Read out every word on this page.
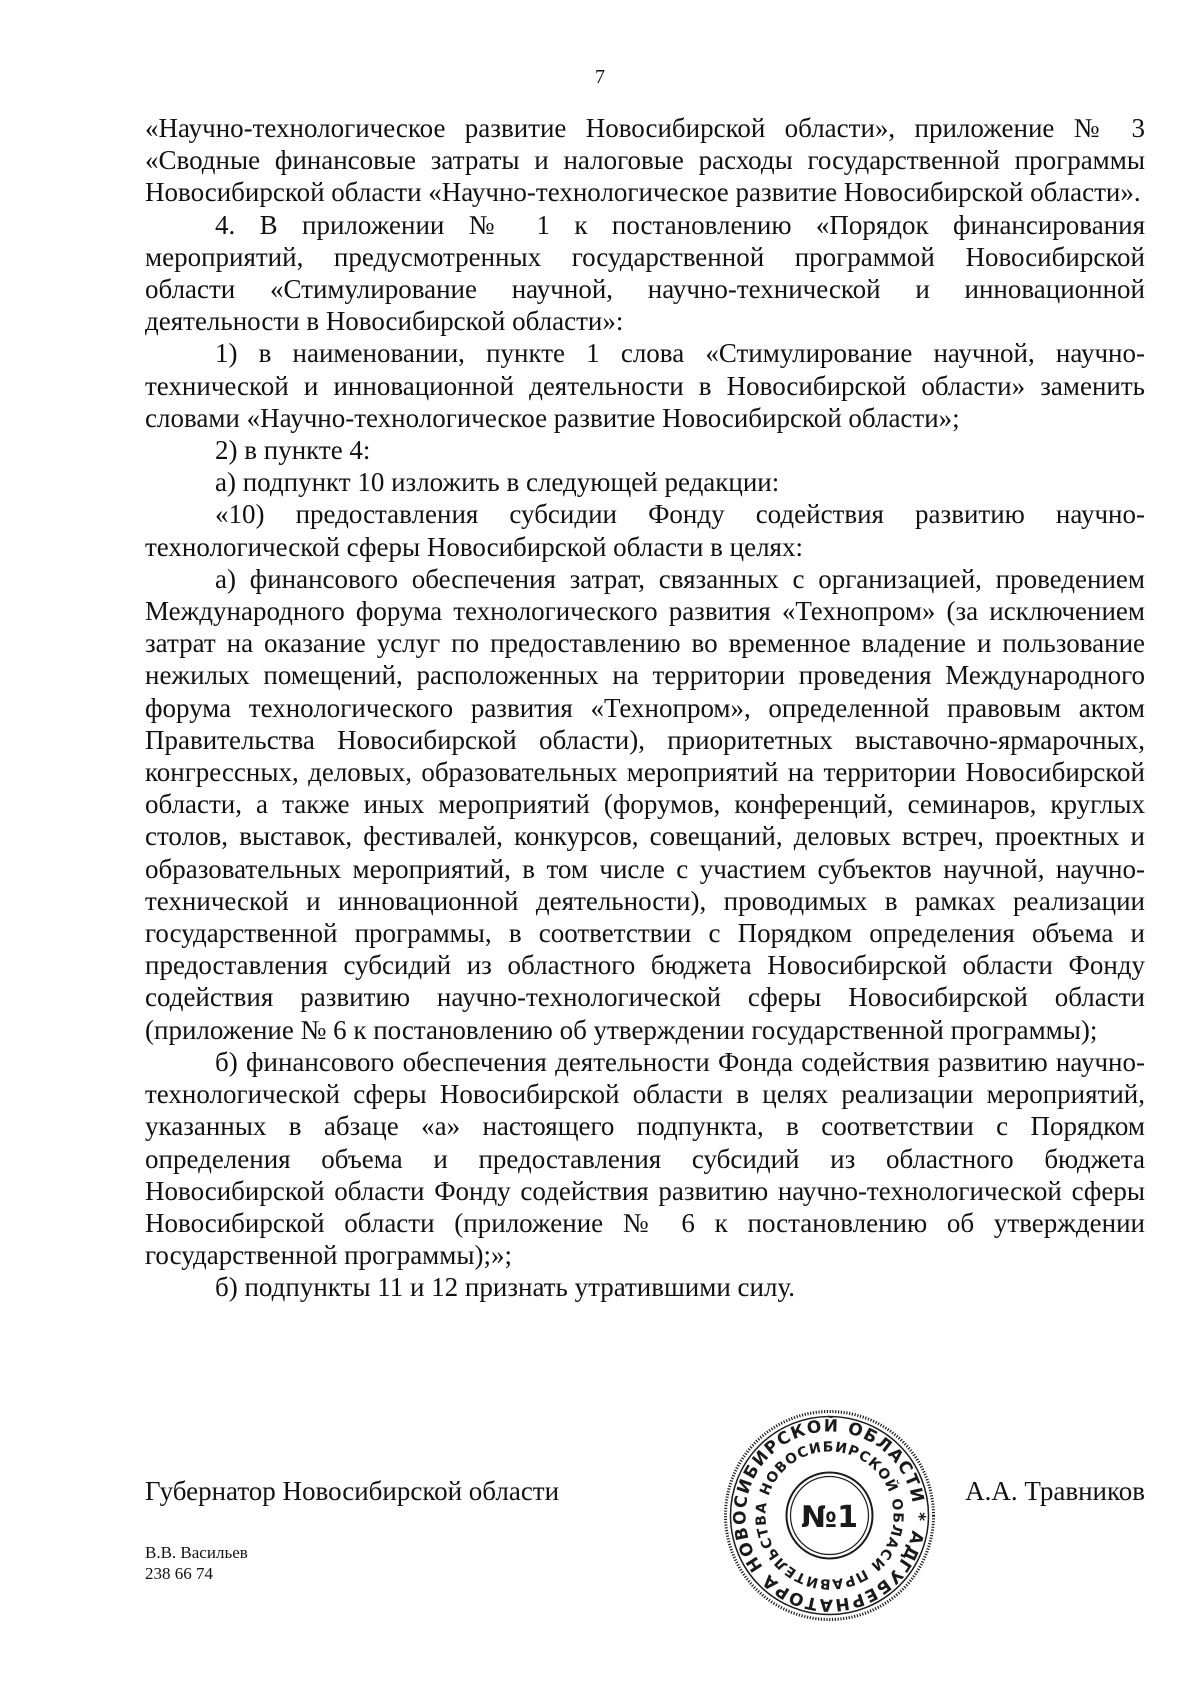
7

«Научно-технологическое развитие Новосибирской области», приложение № 3 «Сводные финансовые затраты и налоговые расходы государственной программы Новосибирской области «Научно-технологическое развитие Новосибирской области».

4. В приложении № 1 к постановлению «Порядок финансирования мероприятий, предусмотренных государственной программой Новосибирской области «Стимулирование научной, научно-технической и инновационной деятельности в Новосибирской области»:

1) в наименовании, пункте 1 слова «Стимулирование научной, научно-технической и инновационной деятельности в Новосибирской области» заменить словами «Научно-технологическое развитие Новосибирской области»;

2) в пункте 4:

а) подпункт 10 изложить в следующей редакции:

«10) предоставления субсидии Фонду содействия развитию научно-технологической сферы Новосибирской области в целях:

а) финансового обеспечения затрат, связанных с организацией, проведением Международного форума технологического развития «Технопром» (за исключением затрат на оказание услуг по предоставлению во временное владение и пользование нежилых помещений, расположенных на территории проведения Международного форума технологического развития «Технопром», определенной правовым актом Правительства Новосибирской области), приоритетных выставочно-ярмарочных, конгрессных, деловых, образовательных мероприятий на территории Новосибирской области, а также иных мероприятий (форумов, конференций, семинаров, круглых столов, выставок, фестивалей, конкурсов, совещаний, деловых встреч, проектных и образовательных мероприятий, в том числе с участием субъектов научной, научно-технической и инновационной деятельности), проводимых в рамках реализации государственной программы, в соответствии с Порядком определения объема и предоставления субсидий из областного бюджета Новосибирской области Фонду содействия развитию научно-технологической сферы Новосибирской области (приложение № 6 к постановлению об утверждении государственной программы);

б) финансового обеспечения деятельности Фонда содействия развитию научно-технологической сферы Новосибирской области в целях реализации мероприятий, указанных в абзаце «а» настоящего подпункта, в соответствии с Порядком определения объема и предоставления субсидий из областного бюджета Новосибирской области Фонду содействия развитию научно-технологической сферы Новосибирской области (приложение № 6 к постановлению об утверждении государственной программы);»;

б) подпункты 11 и 12 признать утратившими силу.

Губернатор Новосибирской области	А.А. Травников
ГУБЕРНАТОРА НОВОСИБИРСКОЙ ОБЛАСТИ * АД
И ПРАВИТЕЛЬСТВА НОВОСИБИРСКОЙ ОБЛАС
№1
В.В. Васильев
238 66 74
